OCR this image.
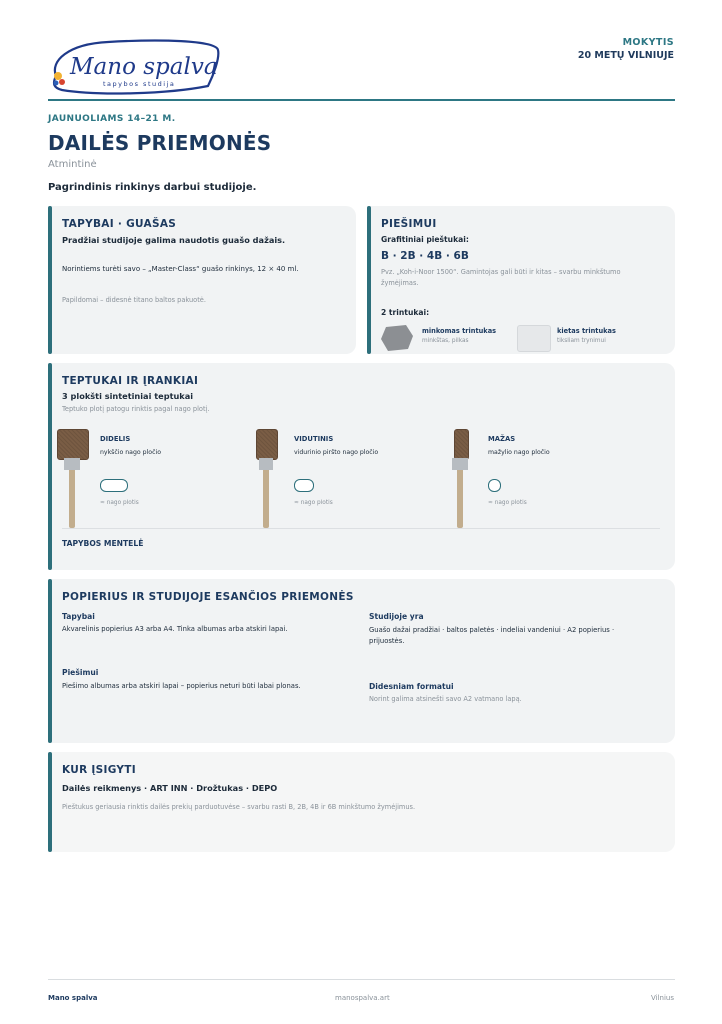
Mano spalva
tapybos studija
MOKYTIS
20 METŲ VILNIUJE
JAUNUOLIAMS 14–21 M.
DAILĖS PRIEMONĖS
Atmintinė
Pagrindinis rinkinys darbui studijoje.
TAPYBAI · GUAŠAS
Pradžiai studijoje galima naudotis guašo dažais.
Norintiems turėti savo – „Master-Class“ guašo rinkinys, 12 × 40 ml.
Papildomai – didesnė titano baltos pakuotė.
PIEŠIMUI
Grafitiniai pieštukai:
B · 2B · 4B · 6B
Pvz. „Koh-i-Noor 1500“. Gamintojas gali būti ir kitas – svarbu minkštumo žymėjimas.
2 trintukai:
minkomas trintukas
minkštas, pilkas
kietas trintukas
tiksliam trynimui
TEPTUKAI IR ĮRANKIAI
3 plokšti sintetiniai teptukai
Teptuko plotį patogu rinktis pagal nago plotį.
DIDELIS
nykščio nago pločio
≈ nago plotis
VIDUTINIS
vidurinio piršto nago pločio
≈ nago plotis
MAŽAS
mažylio nago pločio
≈ nago plotis
TAPYBOS MENTELĖ
POPIERIUS IR STUDIJOJE ESANČIOS PRIEMONĖS
Tapybai
Akvarelinis popierius A3 arba A4. Tinka albumas arba atskiri lapai.
Piešimui
Piešimo albumas arba atskiri lapai – popierius neturi būti labai plonas.
Studijoje yra
Guašo dažai pradžiai · baltos paletės · indeliai vandeniui · A2 popierius · prijuostės.
Didesniam formatui
Norint galima atsinešti savo A2 vatmano lapą.
KUR ĮSIGYTI
Dailės reikmenys · ART INN · Drožtukas · DEPO
Pieštukus geriausia rinktis dailės prekių parduotuvėse – svarbu rasti B, 2B, 4B ir 6B minkštumo žymėjimus.
Mano spalva	manospalva.art	Vilnius
